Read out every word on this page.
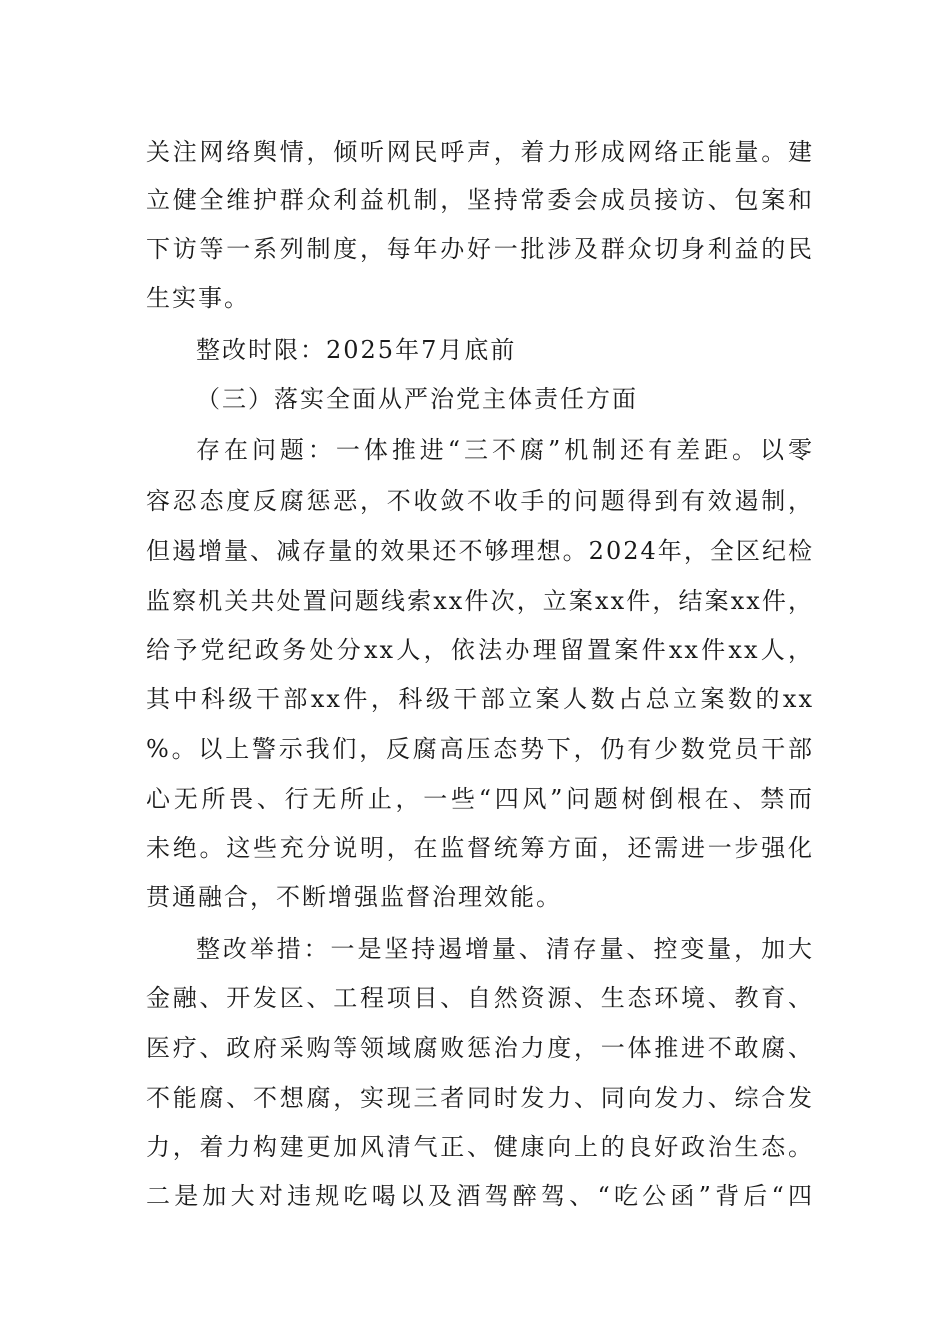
关注网络舆情，倾听网民呼声，着力形成网络正能量。建
立健全维护群众利益机制，坚持常委会成员接访、包案和
下访等一系列制度，每年办好一批涉及群众切身利益的民
生实事。
整改时限：2025年7月底前
（三）落实全面从严治党主体责任方面
存在问题：一体推进“三不腐”机制还有差距。以零
容忍态度反腐惩恶，不收敛不收手的问题得到有效遏制，
但遏增量、减存量的效果还不够理想。2024年，全区纪检
监察机关共处置问题线索xx件次，立案xx件，结案xx件，
给予党纪政务处分xx人，依法办理留置案件xx件xx人，
其中科级干部xx件，科级干部立案人数占总立案数的xx
%。以上警示我们，反腐高压态势下，仍有少数党员干部
心无所畏、行无所止，一些“四风”问题树倒根在、禁而
未绝。这些充分说明，在监督统筹方面，还需进一步强化
贯通融合，不断增强监督治理效能。
整改举措：一是坚持遏增量、清存量、控变量，加大
金融、开发区、工程项目、自然资源、生态环境、教育、
医疗、政府采购等领域腐败惩治力度，一体推进不敢腐、
不能腐、不想腐，实现三者同时发力、同向发力、综合发
力，着力构建更加风清气正、健康向上的良好政治生态。
二是加大对违规吃喝以及酒驾醉驾、“吃公函”背后“四
